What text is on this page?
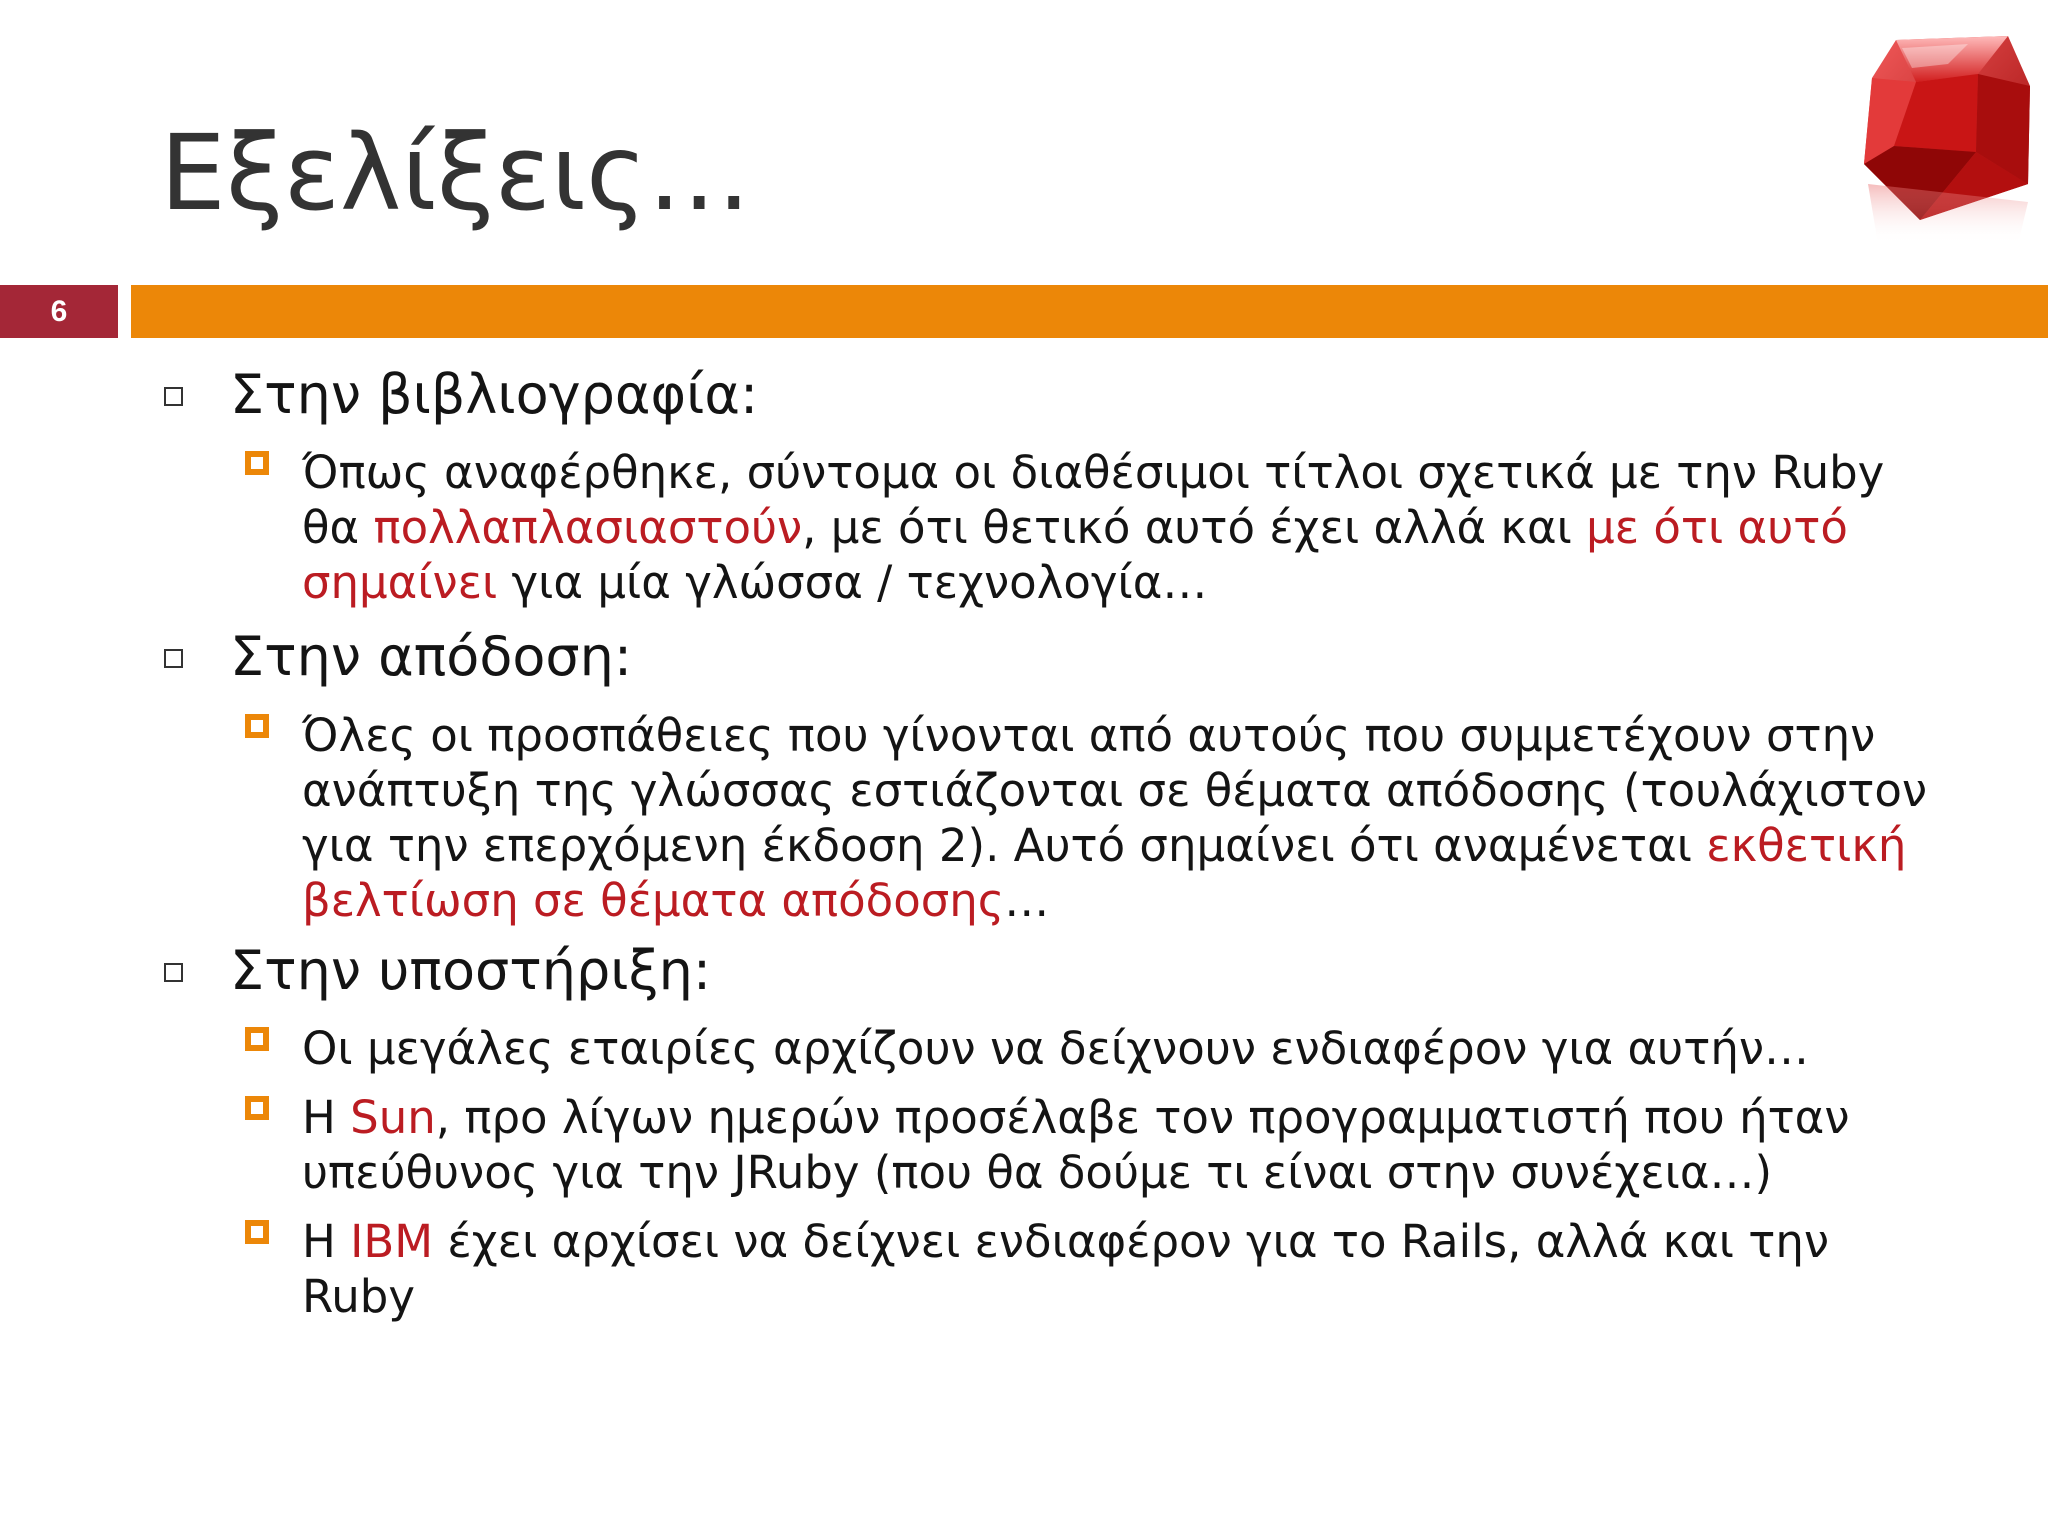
Εξελίξεις…
6
Στην βιβλιογραφία:
Όπως αναφέρθηκε, σύντομα οι διαθέσιμοι τίτλοι σχετικά με την Ruby
θα πολλαπλασιαστούν, με ότι θετικό αυτό έχει αλλά και με ότι αυτό
σημαίνει για μία γλώσσα / τεχνολογία…
Στην απόδοση:
Όλες οι προσπάθειες που γίνονται από αυτούς που συμμετέχουν στην
ανάπτυξη της γλώσσας εστιάζονται σε θέματα απόδοσης (τουλάχιστον
για την επερχόμενη έκδοση 2). Αυτό σημαίνει ότι αναμένεται εκθετική
βελτίωση σε θέματα απόδοσης…
Στην υποστήριξη:
Οι μεγάλες εταιρίες αρχίζουν να δείχνουν ενδιαφέρον για αυτήν…
Η Sun, προ λίγων ημερών προσέλαβε τον προγραμματιστή που ήταν
υπεύθυνος για την JRuby (που θα δούμε τι είναι στην συνέχεια…)
Η IBM έχει αρχίσει να δείχνει ενδιαφέρον για το Rails, αλλά και την
Ruby
